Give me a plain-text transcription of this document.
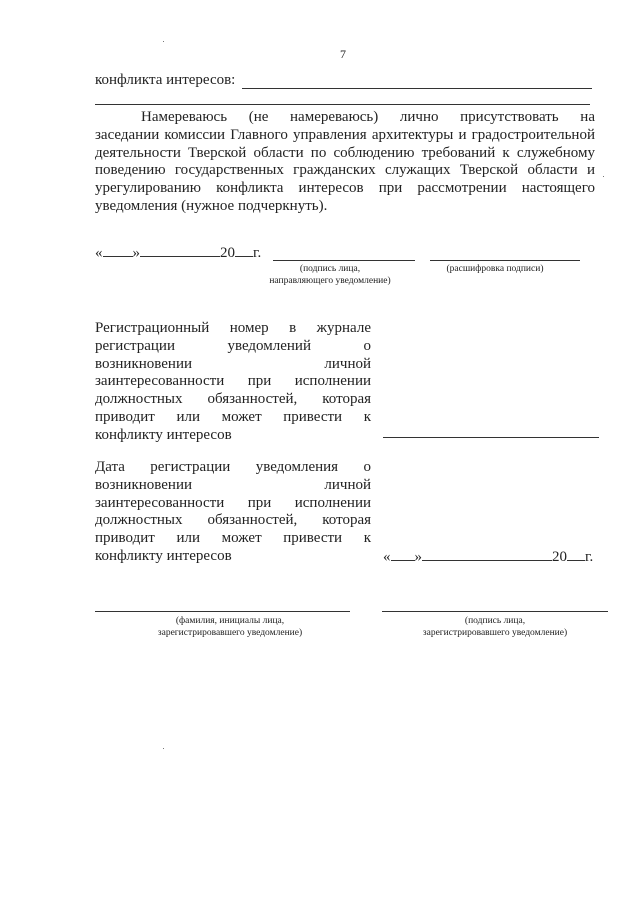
7
конфликта интересов:
Намереваюсь (не намереваюсь) лично присутствовать на
заседании комиссии Главного управления архитектуры и градостроительной
деятельности Тверской области по соблюдению требований к служебному
поведению государственных гражданских служащих Тверской области и
урегулированию конфликта интересов при рассмотрении настоящего
уведомления (нужное подчеркнуть).
« »	20 г.
(подпись лица,
направляющего уведомление)
(расшифровка подписи)
Регистрационный номер в журнале
регистрации уведомлений о
возникновении личной
заинтересованности при исполнении
должностных обязанностей, которая
приводит или может привести к
конфликту интересов
Дата регистрации уведомления о
возникновении личной
заинтересованности при исполнении
должностных обязанностей, которая
приводит или может привести к
конфликту интересов	« »	20 г.
(фамилия, инициалы лица,
зарегистрировавшего уведомление)
(подпись лица,
зарегистрировавшего уведомление)
